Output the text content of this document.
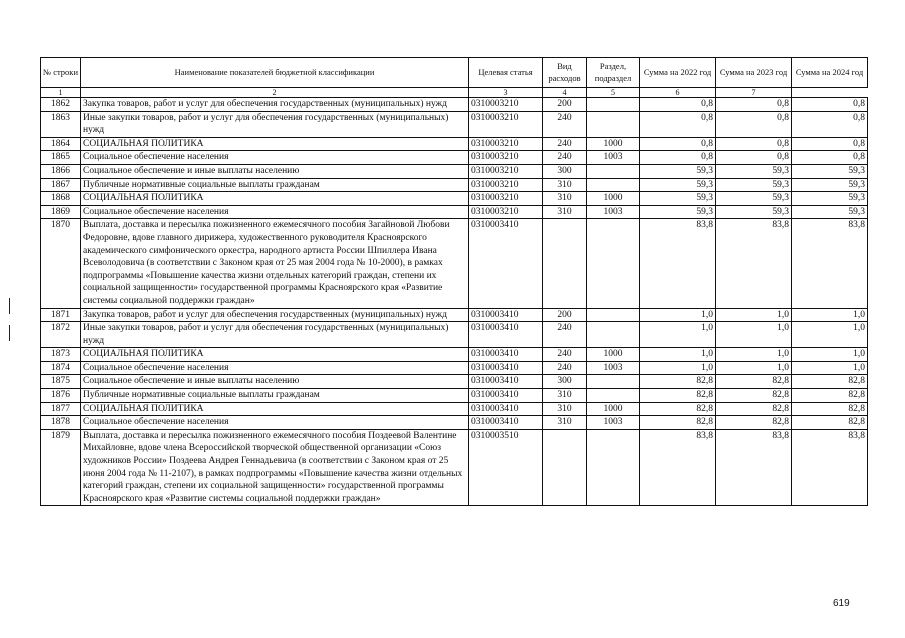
№ строки	Наименование показателей бюджетной классификации	Целевая статья	Вид расходов	Раздел, подраздел	Сумма на 2022 год	Сумма на 2023 год	Сумма на 2024 год
1	2	3	4	5	6	7	
1862	Закупка товаров, работ и услуг для обеспечения государственных (муниципальных) нужд	0310003210	200		0,8	0,8	0,8
1863	Иные закупки товаров, работ и услуг для обеспечения государственных (муниципальных) нужд	0310003210	240		0,8	0,8	0,8
1864	СОЦИАЛЬНАЯ ПОЛИТИКА	0310003210	240	1000	0,8	0,8	0,8
1865	Социальное обеспечение населения	0310003210	240	1003	0,8	0,8	0,8
1866	Социальное обеспечение и иные выплаты населению	0310003210	300		59,3	59,3	59,3
1867	Публичные нормативные социальные выплаты гражданам	0310003210	310		59,3	59,3	59,3
1868	СОЦИАЛЬНАЯ ПОЛИТИКА	0310003210	310	1000	59,3	59,3	59,3
1869	Социальное обеспечение населения	0310003210	310	1003	59,3	59,3	59,3
1870	Выплата, доставка и пересылка пожизненного ежемесячного пособия Загайновой Любови Федоровне, вдове главного дирижера, художественного руководителя Красноярского академического симфонического оркестра, народного артиста России Шпиллера Ивана Всеволодовича (в соответствии с Законом края от 25 мая 2004 года № 10-2000), в рамках подпрограммы «Повышение качества жизни отдельных категорий граждан, степени их социальной защищенности» государственной программы Красноярского края «Развитие системы социальной поддержки граждан»	0310003410			83,8	83,8	83,8
1871	Закупка товаров, работ и услуг для обеспечения государственных (муниципальных) нужд	0310003410	200		1,0	1,0	1,0
1872	Иные закупки товаров, работ и услуг для обеспечения государственных (муниципальных) нужд	0310003410	240		1,0	1,0	1,0
1873	СОЦИАЛЬНАЯ ПОЛИТИКА	0310003410	240	1000	1,0	1,0	1,0
1874	Социальное обеспечение населения	0310003410	240	1003	1,0	1,0	1,0
1875	Социальное обеспечение и иные выплаты населению	0310003410	300		82,8	82,8	82,8
1876	Публичные нормативные социальные выплаты гражданам	0310003410	310		82,8	82,8	82,8
1877	СОЦИАЛЬНАЯ ПОЛИТИКА	0310003410	310	1000	82,8	82,8	82,8
1878	Социальное обеспечение населения	0310003410	310	1003	82,8	82,8	82,8
1879	Выплата, доставка и пересылка пожизненного ежемесячного пособия Поздеевой Валентине Михайловне, вдове члена Всероссийской творческой общественной организации «Союз художников России» Поздеева Андрея Геннадьевича (в соответствии с Законом края от 25 июня 2004 года № 11-2107), в рамках подпрограммы «Повышение качества жизни отдельных категорий граждан, степени их социальной защищенности» государственной программы Красноярского края «Развитие системы социальной поддержки граждан»	0310003510			83,8	83,8	83,8
619
